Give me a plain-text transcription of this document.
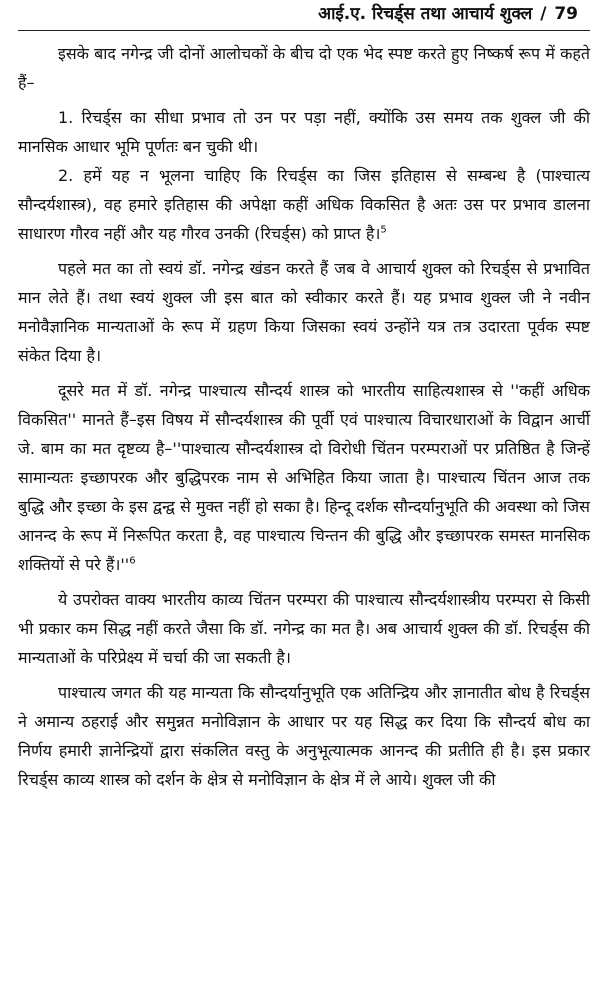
आई.ए. रिचर्ड्स तथा आचार्य शुक्ल / 79

इसके बाद नगेन्द्र जी दोनों आलोचकों के बीच दो एक भेद स्पष्ट करते हुए निष्कर्ष रूप में कहते हैं–

1. रिचर्ड्स का सीधा प्रभाव तो उन पर पड़ा नहीं, क्योंकि उस समय तक शुक्ल जी की मानसिक आधार भूमि पूर्णतः बन चुकी थी।

2. हमें यह न भूलना चाहिए कि रिचर्ड्स का जिस इतिहास से सम्बन्ध है (पाश्चात्य सौन्दर्यशास्त्र), वह हमारे इतिहास की अपेक्षा कहीं अधिक विकसित है अतः उस पर प्रभाव डालना साधारण गौरव नहीं और यह गौरव उनकी (रिचर्ड्स) को प्राप्त है।$^5$

पहले मत का तो स्वयं डॉ. नगेन्द्र खंडन करते हैं जब वे आचार्य शुक्ल को रिचर्ड्स से प्रभावित मान लेते हैं। तथा स्वयं शुक्ल जी इस बात को स्वीकार करते हैं। यह प्रभाव शुक्ल जी ने नवीन मनोवैज्ञानिक मान्यताओं के रूप में ग्रहण किया जिसका स्वयं उन्होंने यत्र तत्र उदारता पूर्वक स्पष्ट संकेत दिया है।

दूसरे मत में डॉ. नगेन्द्र पाश्चात्य सौन्दर्य शास्त्र को भारतीय साहित्यशास्त्र से ''कहीं अधिक विकसित'' मानते हैं–इस विषय में सौन्दर्यशास्त्र की पूर्वी एवं पाश्चात्य विचारधाराओं के विद्वान आर्ची जे. बाम का मत दृष्टव्य है–''पाश्चात्य सौन्दर्यशास्त्र दो विरोधी चिंतन परम्पराओं पर प्रतिष्ठित है जिन्हें सामान्यतः इच्छापरक और बुद्धिपरक नाम से अभिहित किया जाता है। पाश्चात्य चिंतन आज तक बुद्धि और इच्छा के इस द्वन्द्व से मुक्त नहीं हो सका है। हिन्दू दर्शक सौन्दर्यानुभूति की अवस्था को जिस आनन्द के रूप में निरूपित करता है, वह पाश्चात्य चिन्तन की बुद्धि और इच्छापरक समस्त मानसिक शक्तियों से परे हैं।''$^6$

ये उपरोक्त वाक्य भारतीय काव्य चिंतन परम्परा की पाश्चात्य सौन्दर्यशास्त्रीय परम्परा से किसी भी प्रकार कम सिद्ध नहीं करते जैसा कि डॉ. नगेन्द्र का मत है। अब आचार्य शुक्ल की डॉ. रिचर्ड्स की मान्यताओं के परिप्रेक्ष्य में चर्चा की जा सकती है।

पाश्चात्य जगत की यह मान्यता कि सौन्दर्यानुभूति एक अतिन्द्रिय और ज्ञानातीत बोध है रिचर्ड्स ने अमान्य ठहराई और समुन्नत मनोविज्ञान के आधार पर यह सिद्ध कर दिया कि सौन्दर्य बोध का निर्णय हमारी ज्ञानेन्द्रियों द्वारा संकलित वस्तु के अनुभूत्यात्मक आनन्द की प्रतीति ही है। इस प्रकार रिचर्ड्स काव्य शास्त्र को दर्शन के क्षेत्र से मनोविज्ञान के क्षेत्र में ले आये। शुक्ल जी की
